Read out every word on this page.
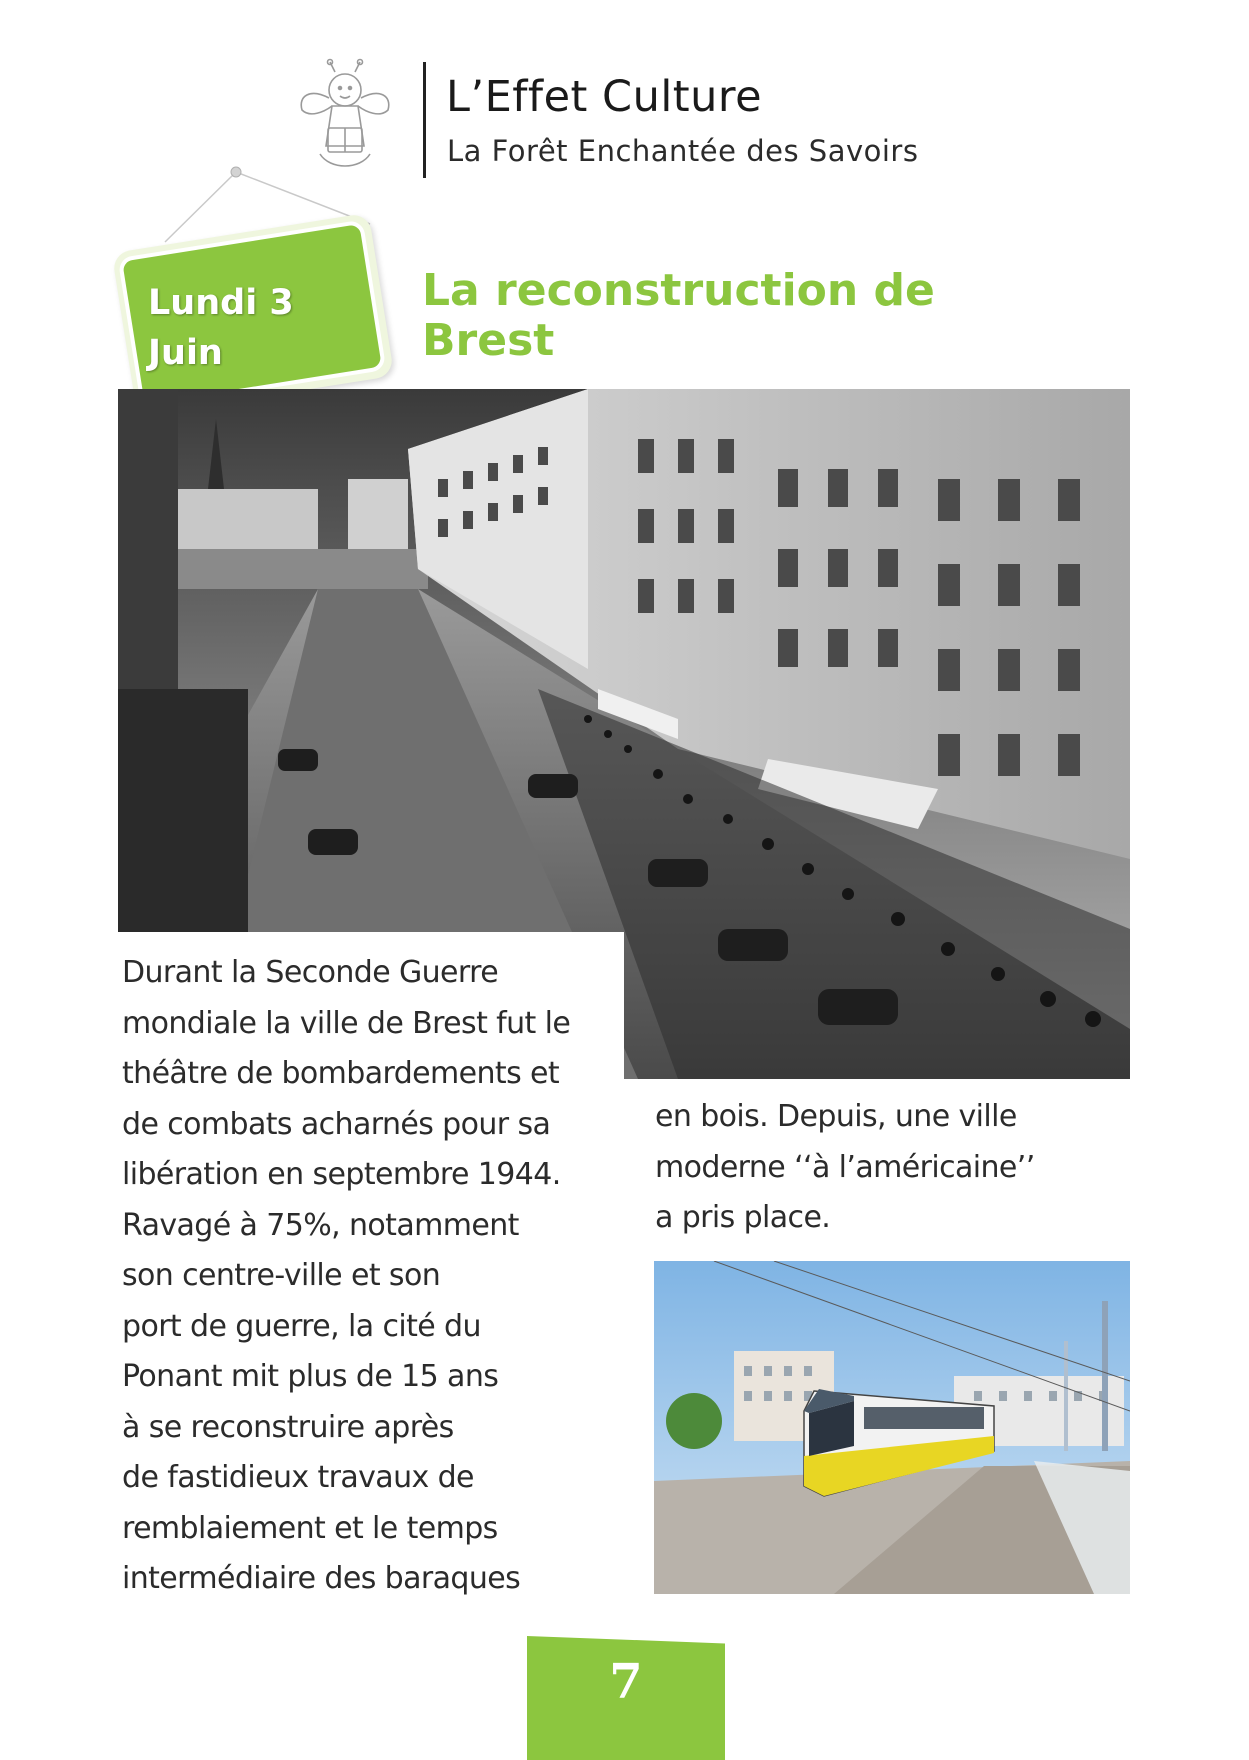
L’Effet Culture
La Forêt Enchantée des Savoirs
Lundi 3
Juin
La reconstruction de
Brest

Durant la Seconde Guerre
mondiale la ville de Brest fut le
théâtre de bombardements et
de combats acharnés pour sa
libération en septembre 1944.
Ravagé à 75%, notamment
son centre-ville et son
port de guerre, la cité du
Ponant mit plus de 15 ans
à se reconstruire après
de fastidieux travaux de
remblaiement et le temps
intermédiaire des baraques

en bois. Depuis, une ville
moderne ‘‘à l’américaine’’
a pris place.

7
